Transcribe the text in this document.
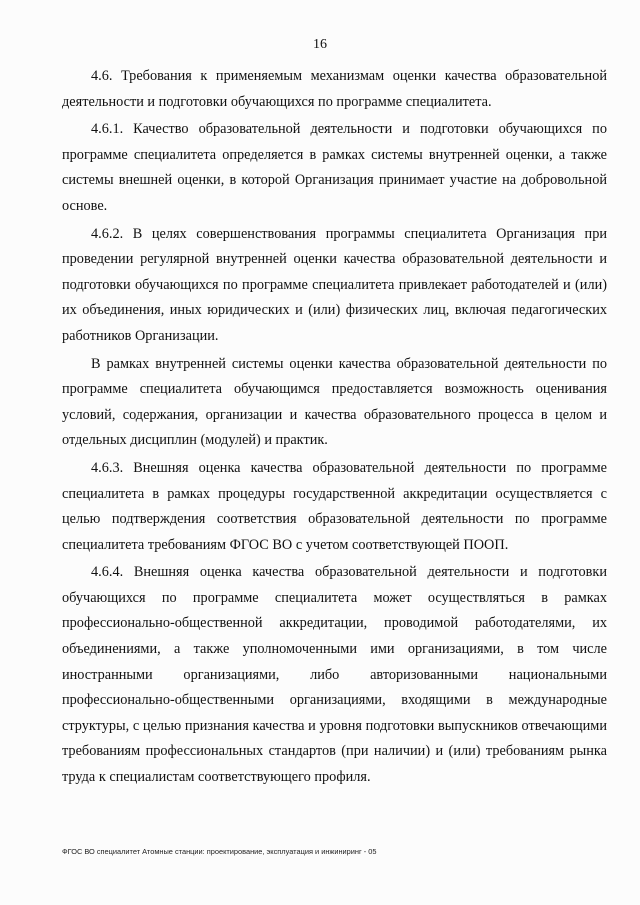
16

4.6. Требования к применяемым механизмам оценки качества образовательной деятельности и подготовки обучающихся по программе специалитета.

4.6.1. Качество образовательной деятельности и подготовки обучающихся по программе специалитета определяется в рамках системы внутренней оценки, а также системы внешней оценки, в которой Организация принимает участие на добровольной основе.

4.6.2. В целях совершенствования программы специалитета Организация при проведении регулярной внутренней оценки качества образовательной деятельности и подготовки обучающихся по программе специалитета привлекает работодателей и (или) их объединения, иных юридических и (или) физических лиц, включая педагогических работников Организации.

В рамках внутренней системы оценки качества образовательной деятельности по программе специалитета обучающимся предоставляется возможность оценивания условий, содержания, организации и качества образовательного процесса в целом и отдельных дисциплин (модулей) и практик.

4.6.3. Внешняя оценка качества образовательной деятельности по программе специалитета в рамках процедуры государственной аккредитации осуществляется с целью подтверждения соответствия образовательной деятельности по программе специалитета требованиям ФГОС ВО с учетом соответствующей ПООП.

4.6.4. Внешняя оценка качества образовательной деятельности и подготовки обучающихся по программе специалитета может осуществляться в рамках профессионально-общественной аккредитации, проводимой работодателями, их объединениями, а также уполномоченными ими организациями, в том числе иностранными организациями, либо авторизованными национальными профессионально-общественными организациями, входящими в международные структуры, с целью признания качества и уровня подготовки выпускников отвечающими требованиям профессиональных стандартов (при наличии) и (или) требованиям рынка труда к специалистам соответствующего профиля.

ФГОС ВО специалитет Атомные станции: проектирование, эксплуатация и инжиниринг - 05
